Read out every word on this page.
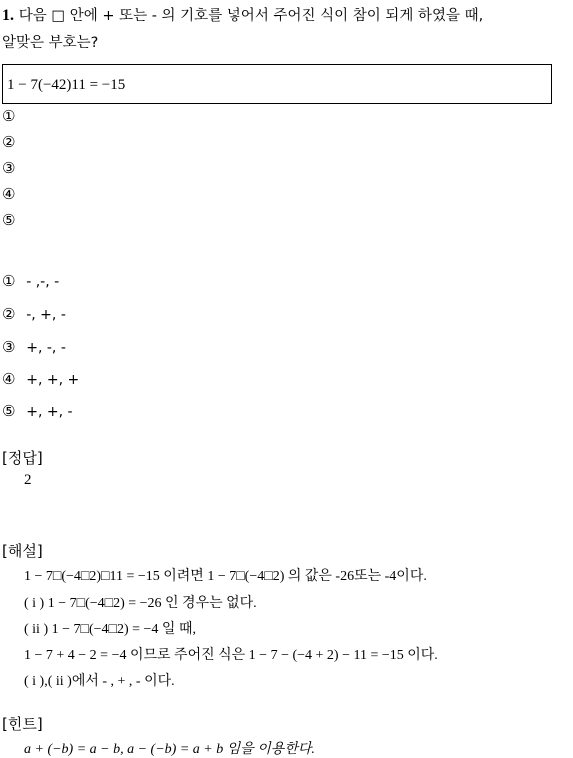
1. 다음 □ 안에 + 또는 - 의 기호를 넣어서 주어진 식이 참이 되게 하였을 때,
알맞은 부호는?
1 − 7(−42)11 = −15
①
②
③
④
⑤
① - ,-, -
② -, +, -
③ +, -, -
④ +, +, +
⑤ +, +, -
[정답]
2
[해설]
1 − 7□(−4□2)□11 = −15 이려면 1 − 7□(−4□2) 의 값은 -26또는 -4이다.
( i ) 1 − 7□(−4□2) = −26 인 경우는 없다.
( ii ) 1 − 7□(−4□2) = −4 일 때,
1 − 7 + 4 − 2 = −4 이므로 주어진 식은 1 − 7 − (−4 + 2) − 11 = −15 이다.
( i ),( ii )에서 - , + , - 이다.
[힌트]
a + (−b) = a − b, a − (−b) = a + b 임을 이용한다.
